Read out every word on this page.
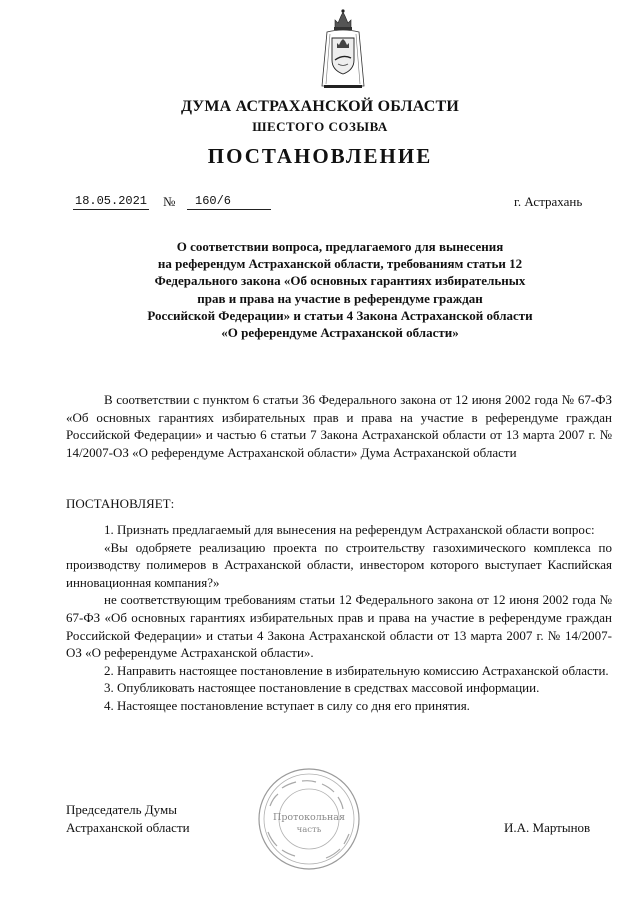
ДУМА АСТРАХАНСКОЙ ОБЛАСТИ
ШЕСТОГО СОЗЫВА
ПОСТАНОВЛЕНИЕ
18.05.2021 №	160/6	г. Астрахань
О соответствии вопроса, предлагаемого для вынесения
на референдум Астраханской области, требованиям статьи 12
Федерального закона «Об основных гарантиях избирательных
прав и права на участие в референдуме граждан
Российской Федерации» и статьи 4 Закона Астраханской области
«О референдуме Астраханской области»

В соответствии с пунктом 6 статьи 36 Федерального закона от 12 июня 2002 года № 67-ФЗ «Об основных гарантиях избирательных прав и права на участие в референдуме граждан Российской Федерации» и частью 6 статьи 7 Закона Астраханской области от 13 марта 2007 г. № 14/2007-ОЗ «О референдуме Астраханской области» Дума Астраханской области

ПОСТАНОВЛЯЕТ:

1. Признать предлагаемый для вынесения на референдум Астраханской области вопрос:

«Вы одобряете реализацию проекта по строительству газохимического комплекса по производству полимеров в Астраханской области, инвестором которого выступает Каспийская инновационная компания?»

не соответствующим требованиям статьи 12 Федерального закона от 12 июня 2002 года № 67-ФЗ «Об основных гарантиях избирательных прав и права на участие в референдуме граждан Российской Федерации» и статьи 4 Закона Астраханской области от 13 марта 2007 г. № 14/2007-ОЗ «О референдуме Астраханской области».

2. Направить настоящее постановление в избирательную комиссию Астраханской области.

3. Опубликовать настоящее постановление в средствах массовой информации.

4. Настоящее постановление вступает в силу со дня его принятия.

Председатель Думы
Астраханской области	И.А. Мартынов
Протокольная
часть
